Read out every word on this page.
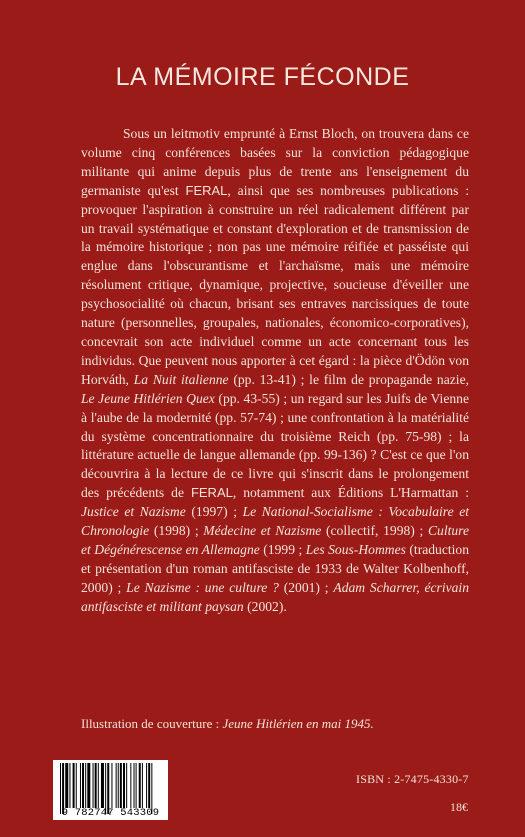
LA MÉMOIRE FÉCONDE

Sous un leitmotiv emprunté à Ernst Bloch, on trouvera dans ce volume cinq conférences basées sur la conviction pédagogique militante qui anime depuis plus de trente ans l'enseignement du germaniste qu'est FERAL, ainsi que ses nombreuses publications : provoquer l'aspiration à construire un réel radicalement différent par un travail systématique et constant d'exploration et de transmission de la mémoire historique ; non pas une mémoire réifiée et passéiste qui englue dans l'obscurantisme et l'archaïsme, mais une mémoire résolument critique, dynamique, projective, soucieuse d'éveiller une psychosocialité où chacun, brisant ses entraves narcissiques de toute nature (personnelles, groupales, nationales, économico-corporatives), concevrait son acte individuel comme un acte concernant tous les individus. Que peuvent nous apporter à cet égard : la pièce d'Ödön von Horváth, La Nuit italienne (pp. 13-41) ; le film de propagande nazie, Le Jeune Hitlérien Quex (pp. 43-55) ; un regard sur les Juifs de Vienne à l'aube de la modernité (pp. 57-74) ; une confrontation à la matérialité du système concentrationnaire du troisième Reich (pp. 75-98) ; la littérature actuelle de langue allemande (pp. 99-136) ? C'est ce que l'on découvrira à la lecture de ce livre qui s'inscrit dans le prolongement des précédents de FERAL, notamment aux Éditions L'Harmattan : Justice et Nazisme (1997) ; Le National-Socialisme : Vocabulaire et Chronologie (1998) ; Médecine et Nazisme (collectif, 1998) ; Culture et Dégénérescense en Allemagne (1999 ; Les Sous-Hommes (traduction et présentation d'un roman antifasciste de 1933 de Walter Kolbenhoff, 2000) ; Le Nazisme : une culture ? (2001) ; Adam Scharrer, écrivain antifasciste et militant paysan (2002).

Illustration de couverture : Jeune Hitlérien en mai 1945.
9 782747 543309
ISBN : 2-7475-4330-7
18€
